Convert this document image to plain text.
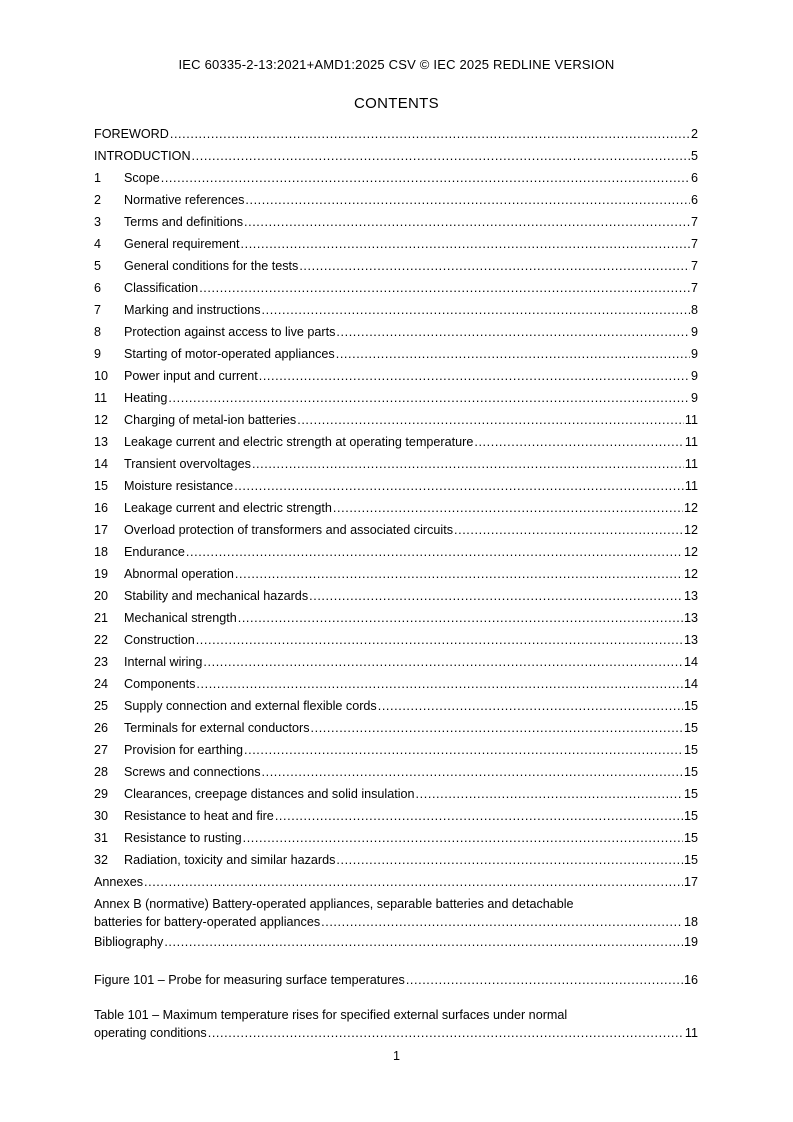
IEC 60335-2-13:2021+AMD1:2025 CSV © IEC 2025 REDLINE VERSION
CONTENTS
FOREWORD .....	2
INTRODUCTION .....	5
1	Scope .....	6
2	Normative references .....	6
3	Terms and definitions .....	7
4	General requirement .....	7
5	General conditions for the tests .....	7
6	Classification .....	7
7	Marking and instructions .....	8
8	Protection against access to live parts .....	9
9	Starting of motor-operated appliances .....	9
10	Power input and current .....	9
11	Heating .....	9
12	Charging of metal-ion batteries .....	11
13	Leakage current and electric strength at operating temperature .....	11
14	Transient overvoltages .....	11
15	Moisture resistance .....	11
16	Leakage current and electric strength .....	12
17	Overload protection of transformers and associated circuits .....	12
18	Endurance .....	12
19	Abnormal operation .....	12
20	Stability and mechanical hazards .....	13
21	Mechanical strength .....	13
22	Construction .....	13
23	Internal wiring .....	14
24	Components .....	14
25	Supply connection and external flexible cords .....	15
26	Terminals for external conductors .....	15
27	Provision for earthing .....	15
28	Screws and connections .....	15
29	Clearances, creepage distances and solid insulation .....	15
30	Resistance to heat and fire .....	15
31	Resistance to rusting .....	15
32	Radiation, toxicity and similar hazards .....	15
Annexes .....	17
Annex B (normative) Battery-operated appliances, separable batteries and detachable
batteries for battery-operated appliances .....	18
Bibliography .....	19
Figure 101 – Probe for measuring surface temperatures .....	16
Table 101 – Maximum temperature rises for specified external surfaces under normal
operating conditions .....	11
1
